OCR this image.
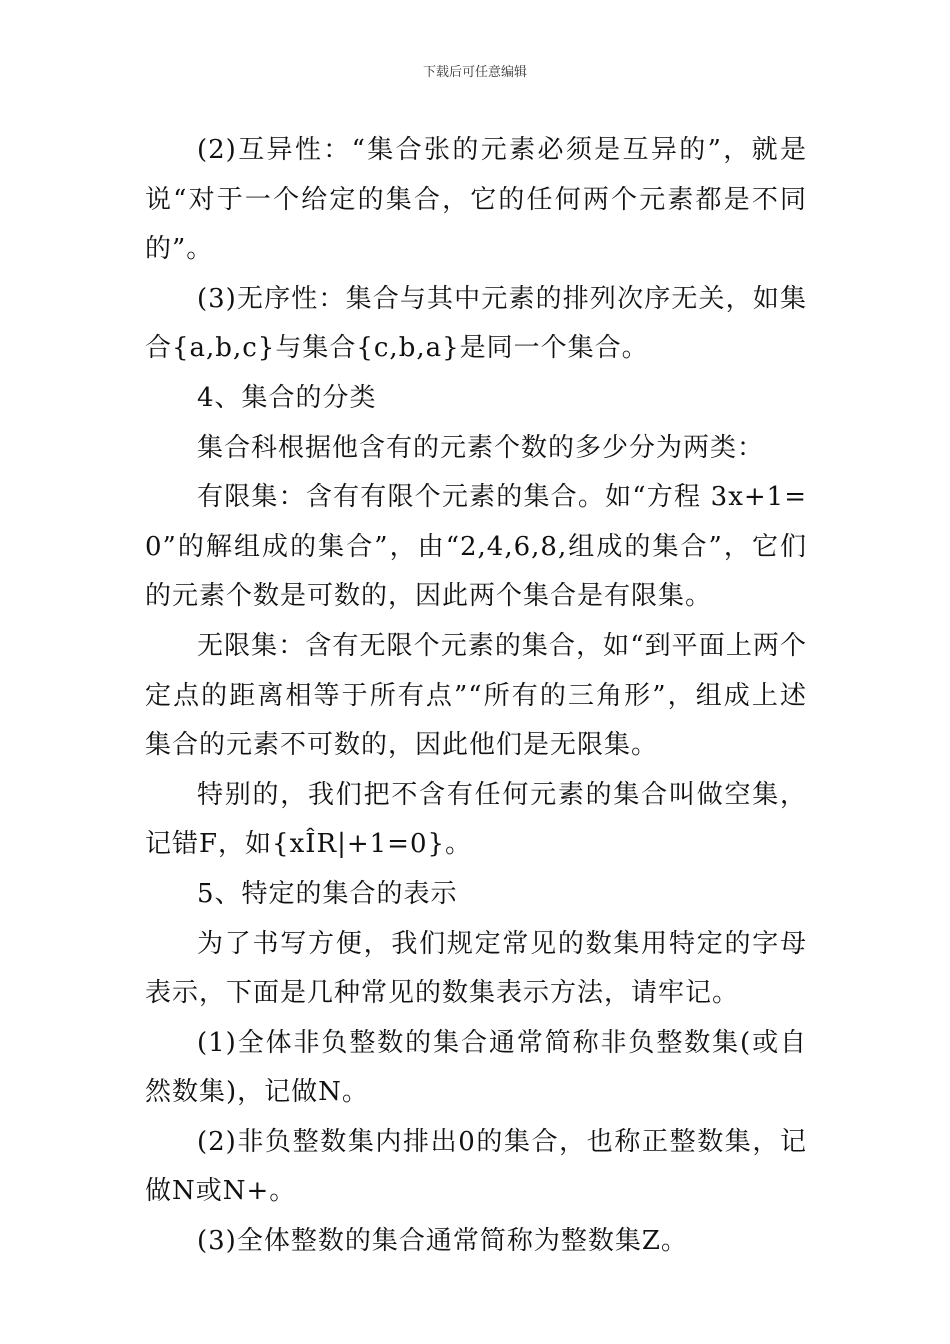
下载后可任意编辑

(2)互异性：“集合张的元素必须是互异的”，就是说“对于一个给定的集合，它的任何两个元素都是不同的”。

(3)无序性：集合与其中元素的排列次序无关，如集合{a,b,c}与集合{c,b,a}是同一个集合。

4、集合的分类

集合科根据他含有的元素个数的多少分为两类：

有限集：含有有限个元素的集合。如“方程 3x+1=0”的解组成的集合”，由“2,4,6,8,组成的集合”，它们的元素个数是可数的，因此两个集合是有限集。

无限集：含有无限个元素的集合，如“到平面上两个定点的距离相等于所有点”“所有的三角形”，组成上述集合的元素不可数的，因此他们是无限集。

特别的，我们把不含有任何元素的集合叫做空集，记错F，如{xÎR|+1=0}。

5、特定的集合的表示

为了书写方便，我们规定常见的数集用特定的字母表示，下面是几种常见的数集表示方法，请牢记。

(1)全体非负整数的集合通常简称非负整数集(或自然数集)，记做N。

(2)非负整数集内排出0的集合，也称正整数集，记做N或N+。

(3)全体整数的集合通常简称为整数集Z。
